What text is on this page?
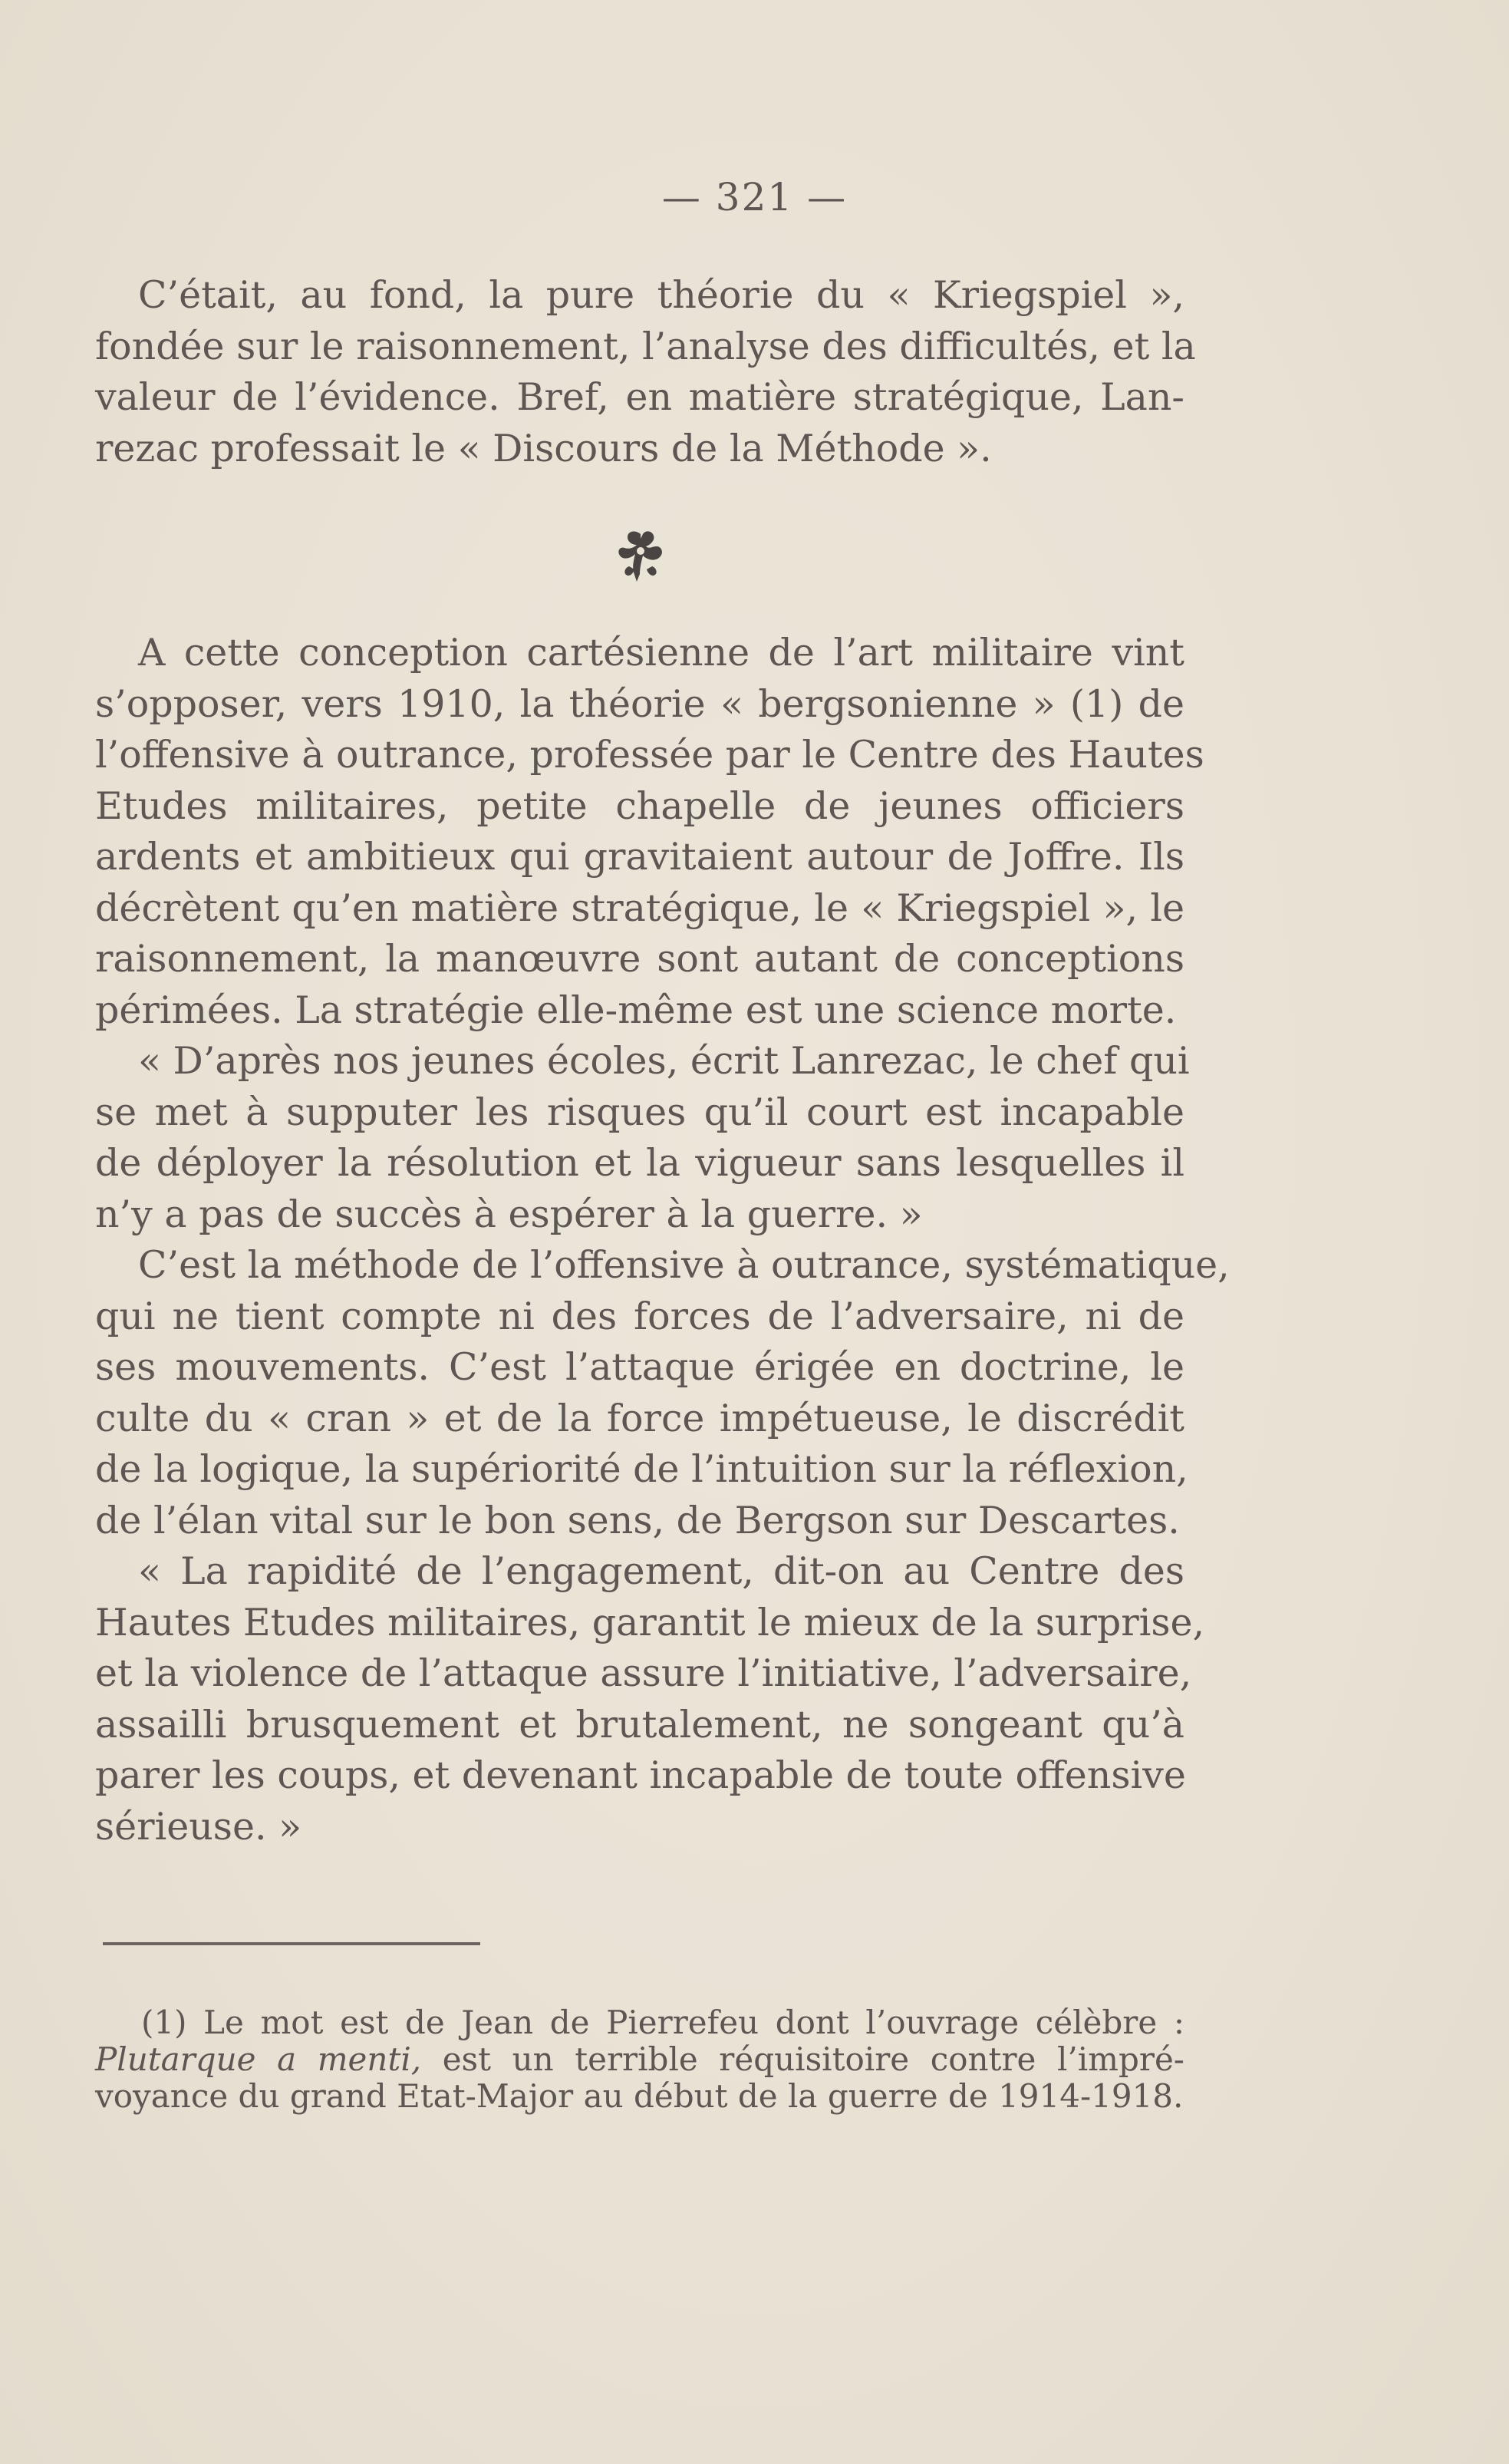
— 321 —
C’était, au fond, la pure théorie du « Kriegspiel »,
fondée sur le raisonnement, l’analyse des difficultés, et la
valeur de l’évidence. Bref, en matière stratégique, Lan-
rezac professait le « Discours de la Méthode ».
A cette conception cartésienne de l’art militaire vint
s’opposer, vers 1910, la théorie « bergsonienne » (1) de
l’offensive à outrance, professée par le Centre des Hautes
Etudes militaires, petite chapelle de jeunes officiers
ardents et ambitieux qui gravitaient autour de Joffre. Ils
décrètent qu’en matière stratégique, le « Kriegspiel », le
raisonnement, la manœuvre sont autant de conceptions
périmées. La stratégie elle-même est une science morte.
« D’après nos jeunes écoles, écrit Lanrezac, le chef qui
se met à supputer les risques qu’il court est incapable
de déployer la résolution et la vigueur sans lesquelles il
n’y a pas de succès à espérer à la guerre. »
C’est la méthode de l’offensive à outrance, systématique,
qui ne tient compte ni des forces de l’adversaire, ni de
ses mouvements. C’est l’attaque érigée en doctrine, le
culte du « cran » et de la force impétueuse, le discrédit
de la logique, la supériorité de l’intuition sur la réflexion,
de l’élan vital sur le bon sens, de Bergson sur Descartes.
« La rapidité de l’engagement, dit-on au Centre des
Hautes Etudes militaires, garantit le mieux de la surprise,
et la violence de l’attaque assure l’initiative, l’adversaire,
assailli brusquement et brutalement, ne songeant qu’à
parer les coups, et devenant incapable de toute offensive
sérieuse. »

(1) Le mot est de Jean de Pierrefeu dont l’ouvrage célèbre : Plutarque a menti, est un terrible réquisitoire contre l’impré- voyance du grand Etat-Major au début de la guerre de 1914-1918.
